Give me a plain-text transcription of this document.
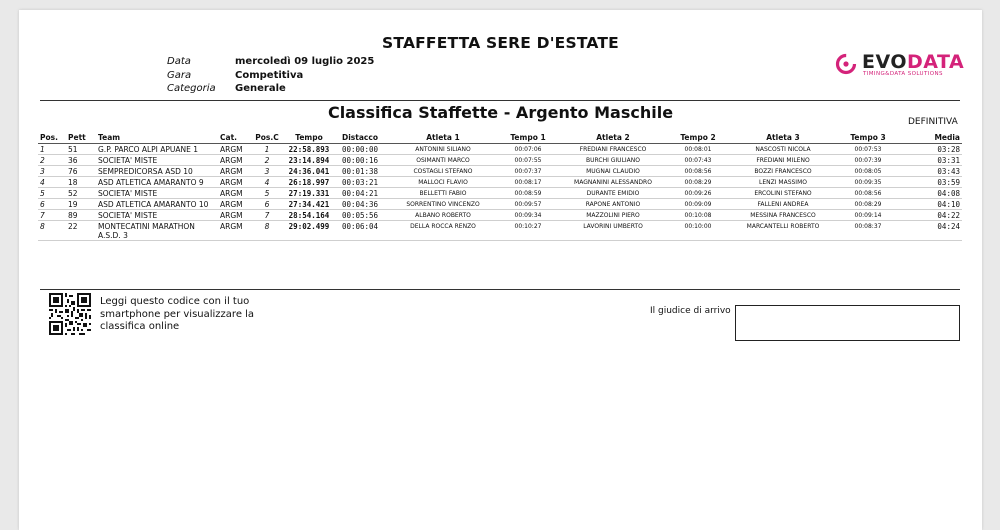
STAFFETTA SERE D'ESTATE
Data	mercoledì 09 luglio 2025
Gara	Competitiva
Categoria	Generale
EVODATA
TIMING&DATA SOLUTIONS
Classifica Staffette - Argento Maschile	DEFINITIVA
Pos.	Pett	Team	Cat.	Pos.C	Tempo	Distacco	Atleta 1	Tempo 1	Atleta 2	Tempo 2	Atleta 3	Tempo 3	Media
1	51	G.P. PARCO ALPI APUANE 1	ARGM	1	22:58.893	00:00:00	ANTONINI SILIANO	00:07:06	FREDIANI FRANCESCO	00:08:01	NASCOSTI NICOLA	00:07:53	03:28
2	36	SOCIETA' MISTE	ARGM	2	23:14.894	00:00:16	OSIMANTI MARCO	00:07:55	BURCHI GIULIANO	00:07:43	FREDIANI MILENO	00:07:39	03:31
3	76	SEMPREDICORSA ASD 10	ARGM	3	24:36.041	00:01:38	COSTAGLI STEFANO	00:07:37	MUGNAI CLAUDIO	00:08:56	BOZZI FRANCESCO	00:08:05	03:43
4	18	ASD ATLETICA AMARANTO 9	ARGM	4	26:18.997	00:03:21	MALLOCI FLAVIO	00:08:17	MAGNANINI ALESSANDRO	00:08:29	LENZI MASSIMO	00:09:35	03:59
5	52	SOCIETA' MISTE	ARGM	5	27:19.331	00:04:21	BELLETTI FABIO	00:08:59	DURANTE EMIDIO	00:09:26	ERCOLINI STEFANO	00:08:56	04:08
6	19	ASD ATLETICA AMARANTO 10	ARGM	6	27:34.421	00:04:36	SORRENTINO VINCENZO	00:09:57	RAPONE ANTONIO	00:09:09	FALLENI ANDREA	00:08:29	04:10
7	89	SOCIETA' MISTE	ARGM	7	28:54.164	00:05:56	ALBANO ROBERTO	00:09:34	MAZZOLINI PIERO	00:10:08	MESSINA FRANCESCO	00:09:14	04:22
8	22	MONTECATINI MARATHON A.S.D. 3	ARGM	8	29:02.499	00:06:04	DELLA ROCCA RENZO	00:10:27	LAVORINI UMBERTO	00:10:00	MARCANTELLI ROBERTO	00:08:37	04:24
Leggi questo codice con il tuo smartphone per visualizzare la classifica online
Il giudice di arrivo
